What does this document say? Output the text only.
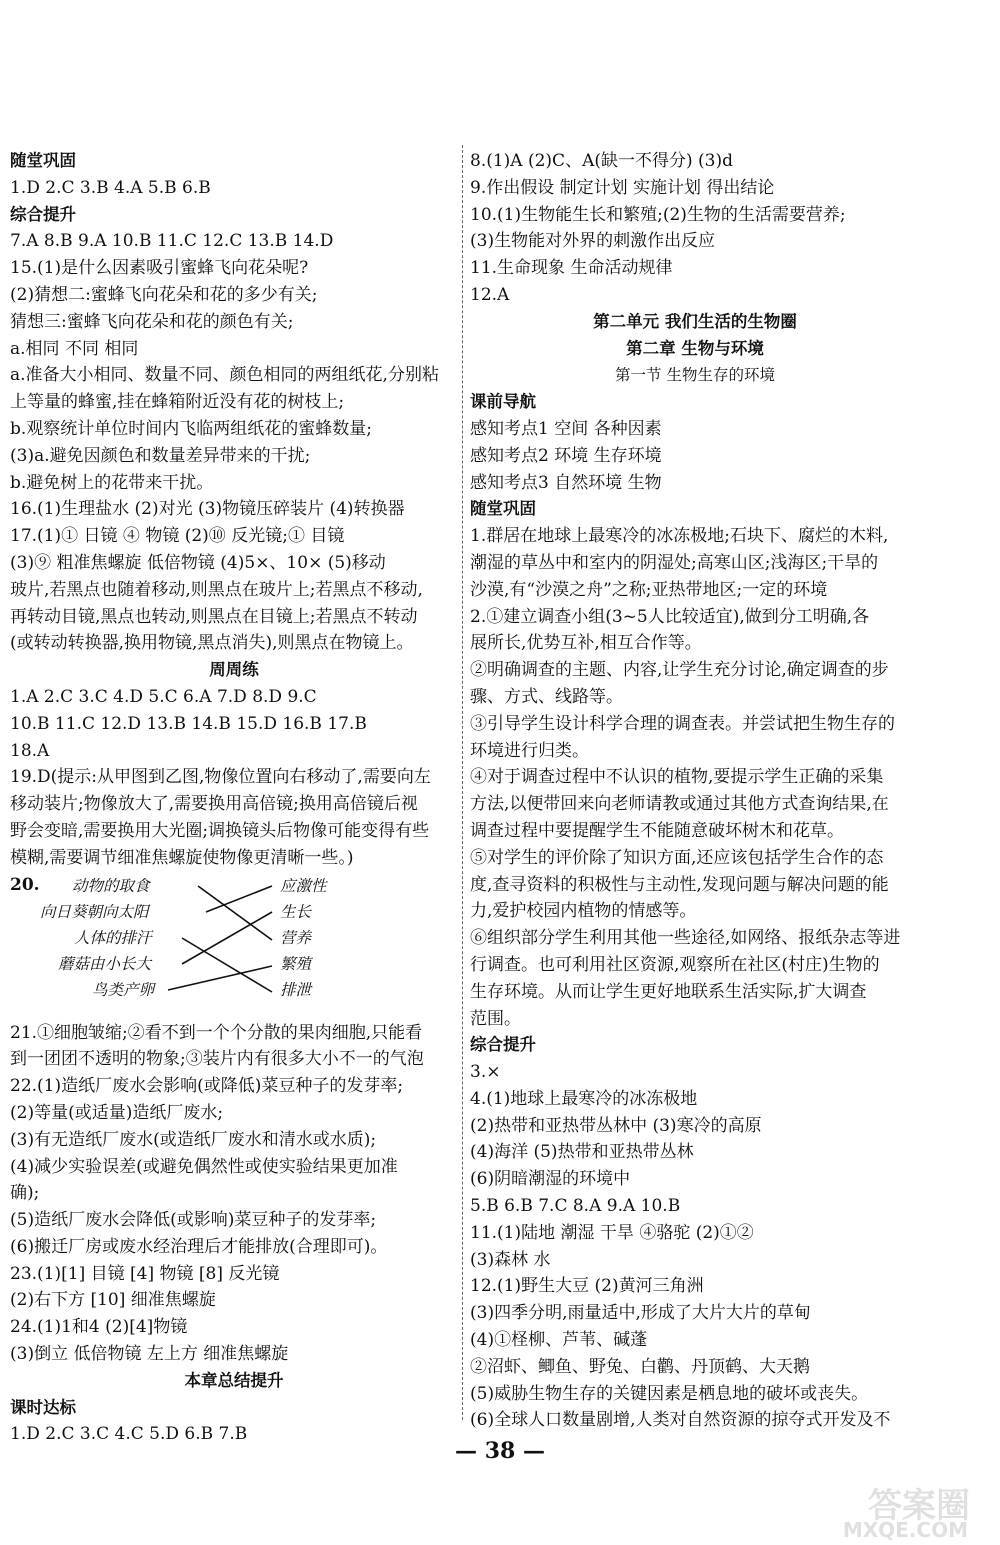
随堂巩固
1.D 2.C 3.B 4.A 5.B 6.B
综合提升
7.A 8.B 9.A 10.B 11.C 12.C 13.B 14.D
15.(1)是什么因素吸引蜜蜂飞向花朵呢?
(2)猜想二:蜜蜂飞向花朵和花的多少有关;
猜想三:蜜蜂飞向花朵和花的颜色有关;
a.相同 不同 相同
a.准备大小相同、数量不同、颜色相同的两组纸花,分别粘
上等量的蜂蜜,挂在蜂箱附近没有花的树枝上;
b.观察统计单位时间内飞临两组纸花的蜜蜂数量;
(3)a.避免因颜色和数量差异带来的干扰;
b.避免树上的花带来干扰。
16.(1)生理盐水 (2)对光 (3)物镜压碎装片 (4)转换器
17.(1)① 日镜 ④ 物镜 (2)⑩ 反光镜;① 目镜
(3)⑨ 粗准焦螺旋 低倍物镜 (4)5×、10× (5)移动
玻片,若黑点也随着移动,则黑点在玻片上;若黑点不移动,
再转动目镜,黑点也转动,则黑点在目镜上;若黑点不转动
(或转动转换器,换用物镜,黑点消失),则黑点在物镜上。
周周练
1.A 2.C 3.C 4.D 5.C 6.A 7.D 8.D 9.C
10.B 11.C 12.D 13.B 14.B 15.D 16.B 17.B
18.A
19.D(提示:从甲图到乙图,物像位置向右移动了,需要向左
移动装片;物像放大了,需要换用高倍镜;换用高倍镜后视
野会变暗,需要换用大光圈;调换镜头后物像可能变得有些
模糊,需要调节细准焦螺旋使物像更清晰一些。)
20. 动物的取食
向日葵朝向太阳
人体的排汗
蘑菇由小长大
鸟类产卵
应激性
生长
营养
繁殖
排泄
21.①细胞皱缩;②看不到一个个分散的果肉细胞,只能看
到一团团不透明的物象;③装片内有很多大小不一的气泡
22.(1)造纸厂废水会影响(或降低)菜豆种子的发芽率;
(2)等量(或适量)造纸厂废水;
(3)有无造纸厂废水(或造纸厂废水和清水或水质);
(4)减少实验误差(或避免偶然性或使实验结果更加准
确);
(5)造纸厂废水会降低(或影响)菜豆种子的发芽率;
(6)搬迁厂房或废水经治理后才能排放(合理即可)。
23.(1)[1] 目镜 [4] 物镜 [8] 反光镜
(2)右下方 [10] 细准焦螺旋
24.(1)1和4 (2)[4]物镜
(3)倒立 低倍物镜 左上方 细准焦螺旋
本章总结提升
课时达标
1.D 2.C 3.C 4.C 5.D 6.B 7.B
8.(1)A (2)C、A(缺一不得分) (3)d
9.作出假设 制定计划 实施计划 得出结论
10.(1)生物能生长和繁殖;(2)生物的生活需要营养;
(3)生物能对外界的刺激作出反应
11.生命现象 生命活动规律
12.A
第二单元 我们生活的生物圈
第二章 生物与环境
第一节 生物生存的环境
课前导航
感知考点1 空间 各种因素
感知考点2 环境 生存环境
感知考点3 自然环境 生物
随堂巩固
1.群居在地球上最寒冷的冰冻极地;石块下、腐烂的木料,
潮湿的草丛中和室内的阴湿处;高寒山区;浅海区;干旱的
沙漠,有“沙漠之舟”之称;亚热带地区;一定的环境
2.①建立调查小组(3~5人比较适宜),做到分工明确,各
展所长,优势互补,相互合作等。
②明确调查的主题、内容,让学生充分讨论,确定调查的步
骤、方式、线路等。
③引导学生设计科学合理的调查表。并尝试把生物生存的
环境进行归类。
④对于调查过程中不认识的植物,要提示学生正确的采集
方法,以便带回来向老师请教或通过其他方式查询结果,在
调查过程中要提醒学生不能随意破坏树木和花草。
⑤对学生的评价除了知识方面,还应该包括学生合作的态
度,查寻资料的积极性与主动性,发现问题与解决问题的能
力,爱护校园内植物的情感等。
⑥组织部分学生利用其他一些途径,如网络、报纸杂志等进
行调查。也可利用社区资源,观察所在社区(村庄)生物的
生存环境。从而让学生更好地联系生活实际,扩大调查
范围。
综合提升
3.×
4.(1)地球上最寒冷的冰冻极地
(2)热带和亚热带丛林中 (3)寒冷的高原
(4)海洋 (5)热带和亚热带丛林
(6)阴暗潮湿的环境中
5.B 6.B 7.C 8.A 9.A 10.B
11.(1)陆地 潮湿 干旱 ④骆驼 (2)①②
(3)森林 水
12.(1)野生大豆 (2)黄河三角洲
(3)四季分明,雨量适中,形成了大片大片的草甸
(4)①柽柳、芦苇、碱蓬
②沼虾、鲫鱼、野兔、白鹳、丹顶鹤、大天鹅
(5)威胁生物生存的关键因素是栖息地的破坏或丧失。
(6)全球人口数量剧增,人类对自然资源的掠夺式开发及不
— 38 —
答案圈
MXQE.COM
